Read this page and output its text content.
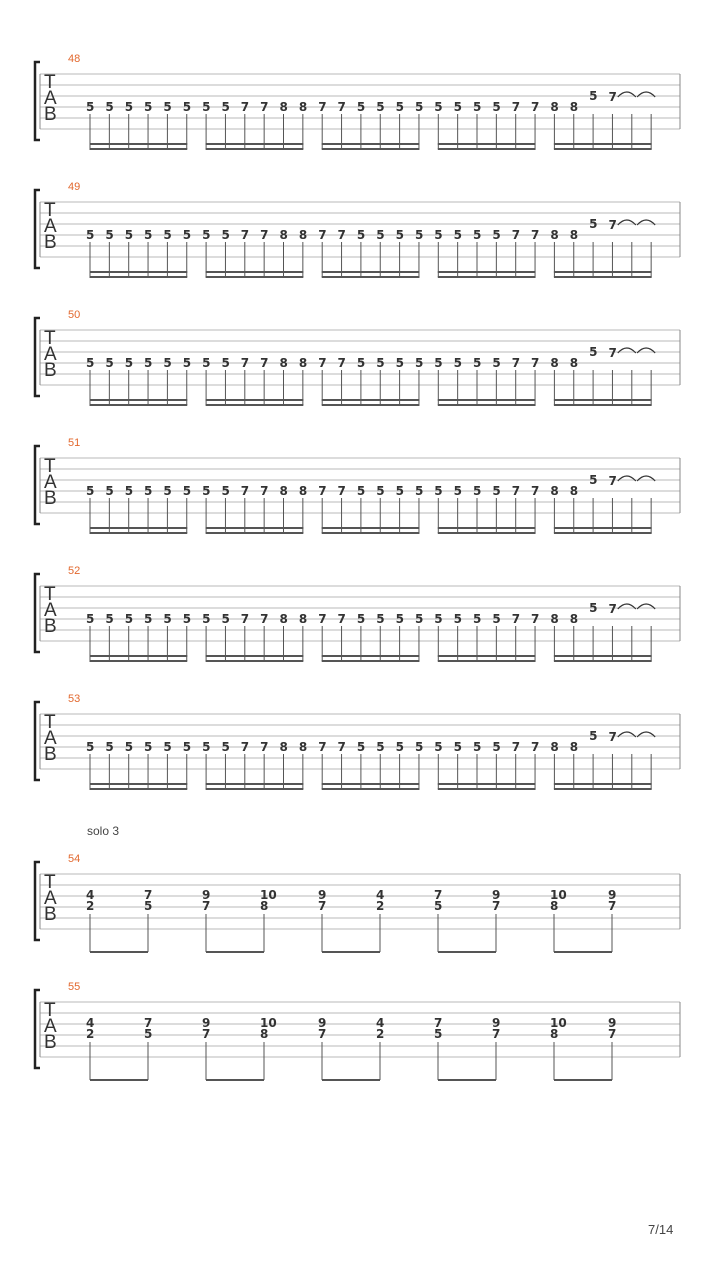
48
T
A
B 5 5 5 5 5 5 5 5 7 7 8 8 7 7 5 5 5 5 5 5 5 5 7 7 8 8
5 7
49
T
A
B 5 5 5 5 5 5 5 5 7 7 8 8 7 7 5 5 5 5 5 5 5 5 7 7 8 8
5 7
50
T
A
B 5 5 5 5 5 5 5 5 7 7 8 8 7 7 5 5 5 5 5 5 5 5 7 7 8 8
5 7
51
T
A
B 5 5 5 5 5 5 5 5 7 7 8 8 7 7 5 5 5 5 5 5 5 5 7 7 8 8
5 7
52
T
A
B 5 5 5 5 5 5 5 5 7 7 8 8 7 7 5 5 5 5 5 5 5 5 7 7 8 8
5 7
53
T
A
B 5 5 5 5 5 5 5 5 7 7 8 8 7 7 5 5 5 5 5 5 5 5 7 7 8 8
5 7
54
solo 3
T
A
B
4
2
7
5
9
7
10
8
9
7
4
2
7
5
9
7
10
8
9
7
55
T
A
B
4
2
7
5
9
7
10
8
9
7
4
2
7
5
9
7
10
8
9
7
7/14
